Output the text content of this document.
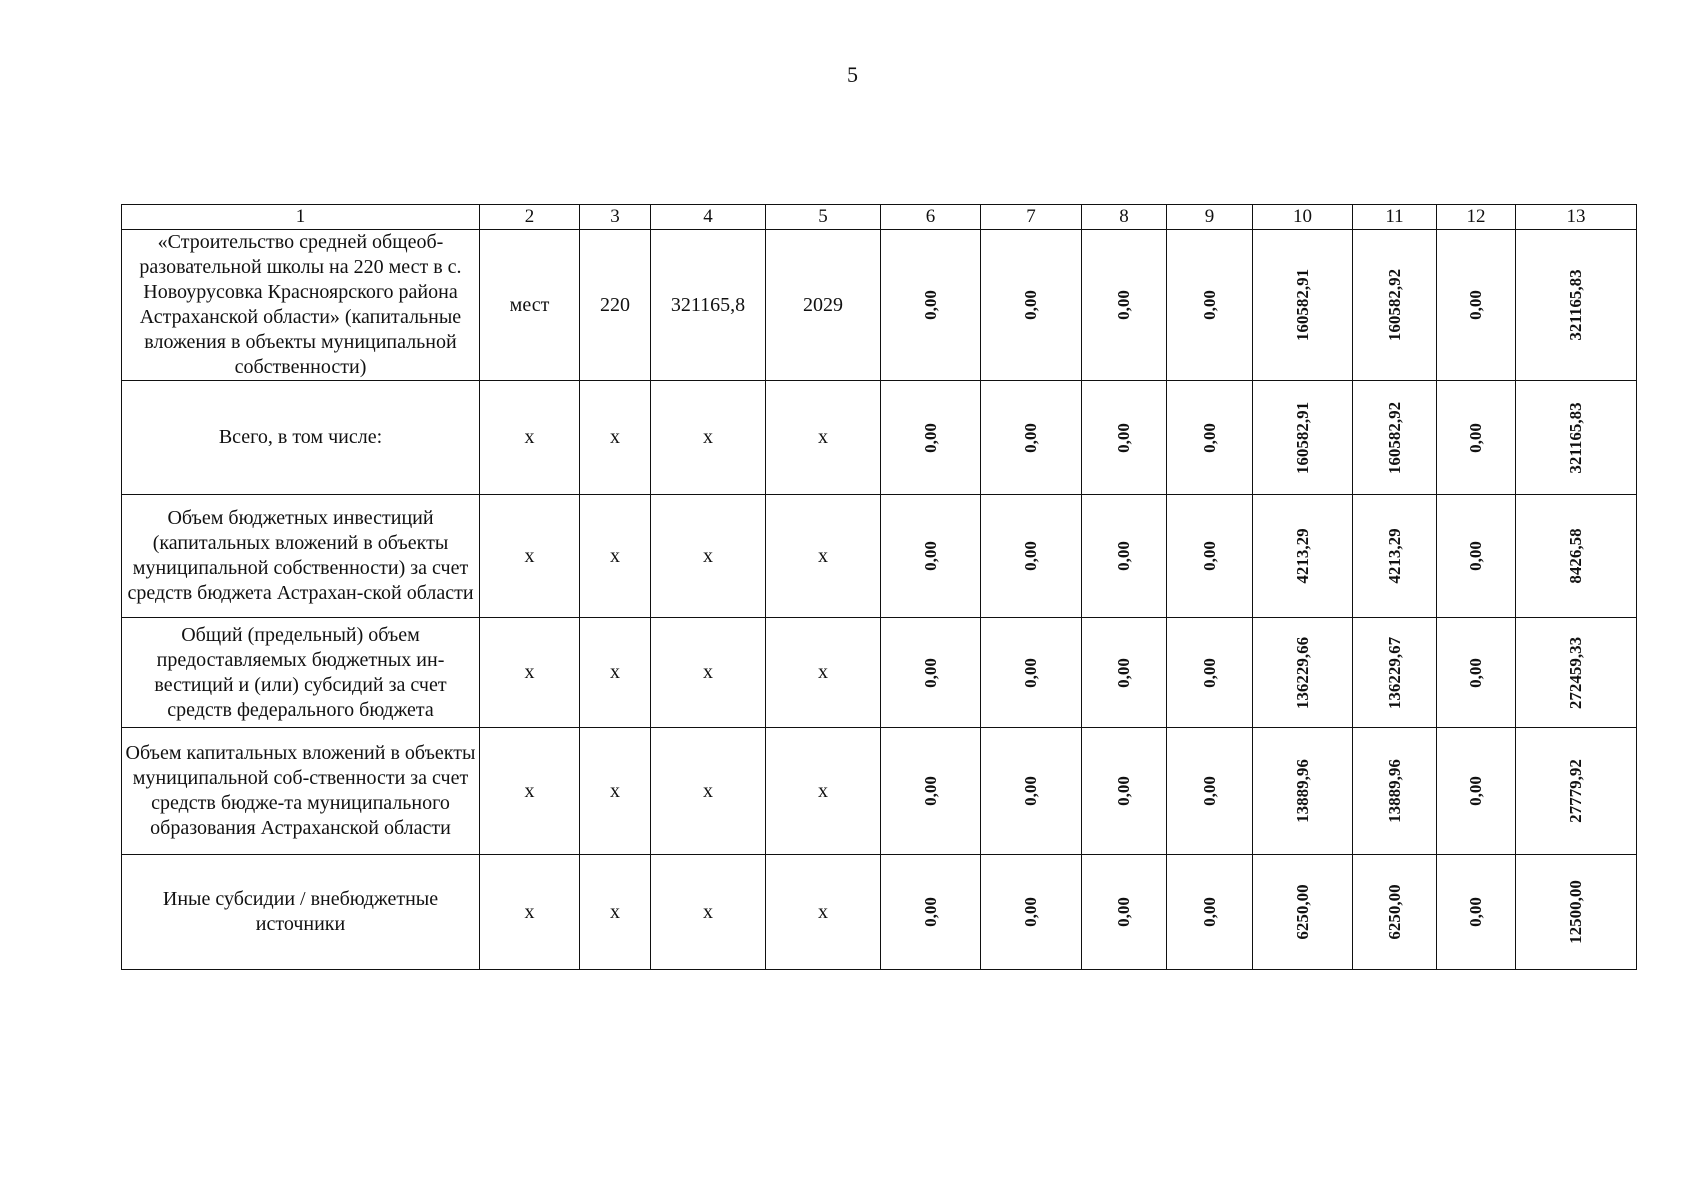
5
1	2	3	4	5	6	7	8	9	10	11	12	13
«Строительство средней общеоб-разовательной школы на 220 мест в с. Новоурусовка Красноярского района Астраханской области» (капитальные вложения в объекты муниципальной собственности)	мест	220	321165,8	2029	0,00	0,00	0,00	0,00	160582,91	160582,92	0,00	321165,83

Всего, в том числе:	х	х	х	х	0,00	0,00	0,00	0,00	160582,91	160582,92	0,00	321165,83

Объем бюджетных инвестиций (капитальных вложений в объекты муниципальной собственности) за счет средств бюджета Астрахан-ской области	х	х	х	х	0,00	0,00	0,00	0,00	4213,29	4213,29	0,00	8426,58

Общий (предельный) объем предоставляемых бюджетных ин-вестиций и (или) субсидий за счет средств федерального бюджета	х	х	х	х	0,00	0,00	0,00	0,00	136229,66	136229,67	0,00	272459,33

Объем капитальных вложений в объекты муниципальной соб-ственности за счет средств бюдже-та муниципального образования Астраханской области	х	х	х	х	0,00	0,00	0,00	0,00	13889,96	13889,96	0,00	27779,92

Иные субсидии / внебюджетные источники	х	х	х	х	0,00	0,00	0,00	0,00	6250,00	6250,00	0,00	12500,00
